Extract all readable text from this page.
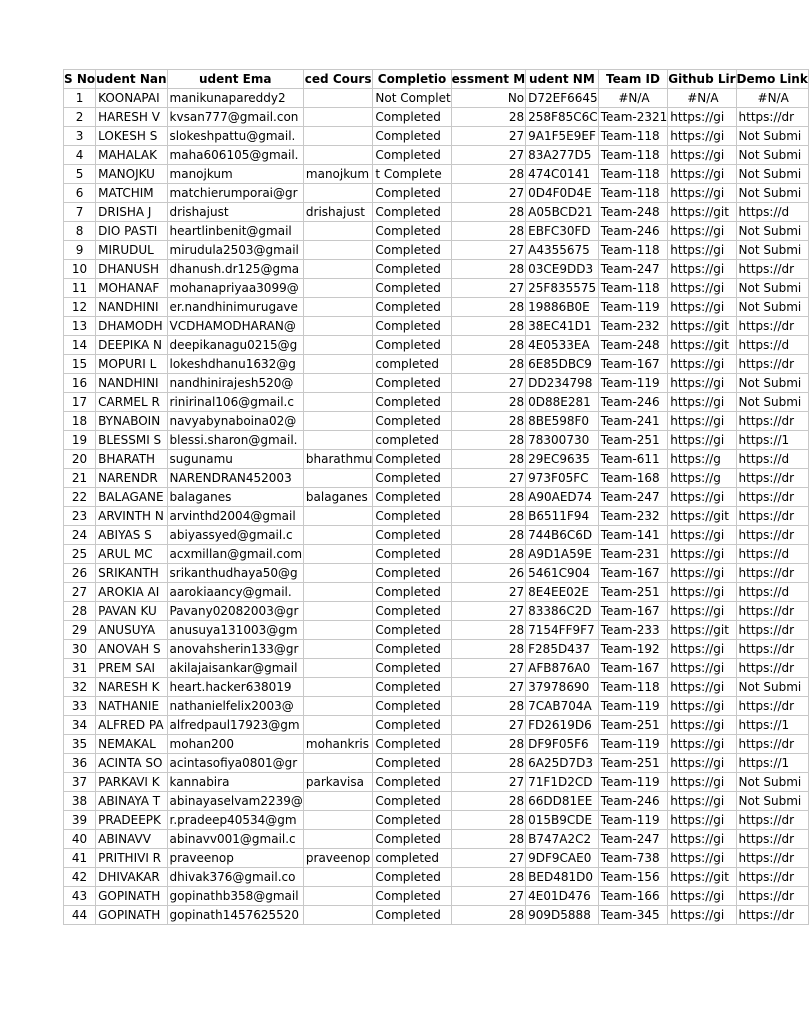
S No	udent Nan	udent Ema	ced Cours	Completio	essment M	udent NM	Team ID	Github Lir	Demo Link
1	KOONAPAI	manikunapareddy2		Not Complet	No	D72EF6645	#N/A	#N/A	#N/A
2	HARESH V	kvsan777@gmail.con		Completed	28	258F85C6C	Team-2321	https://gi	https://dr
3	LOKESH S	slokeshpattu@gmail.		Completed	27	9A1F5E9EF	Team-118	https://gi	Not Submi
4	MAHALAK	maha606105@gmail.		Completed	27	83A277D5	Team-118	https://gi	Not Submi
5	MANOJKU	manojkum	manojkum	t Complete	28	474C0141	Team-118	https://gi	Not Submi
6	MATCHIM	matchierumporai@gr		Completed	27	0D4F0D4E	Team-118	https://gi	Not Submi
7	DRISHA J	drishajust	drishajust	Completed	28	A05BCD21	Team-248	https://git	https://d
8	DIO PASTI	heartlinbenit@gmail		Completed	28	EBFC30FD	Team-246	https://gi	Not Submi
9	MIRUDUL	mirudula2503@gmail		Completed	27	A4355675	Team-118	https://gi	Not Submi
10	DHANUSH	dhanush.dr125@gma		Completed	28	03CE9DD3	Team-247	https://gi	https://dr
11	MOHANAF	mohanapriyaa3099@		Completed	27	25F835575	Team-118	https://gi	Not Submi
12	NANDHINI	er.nandhinimurugave		Completed	28	19886B0E	Team-119	https://gi	Not Submi
13	DHAMODH	VCDHAMODHARAN@		Completed	28	38EC41D1	Team-232	https://git	https://dr
14	DEEPIKA N	deepikanagu0215@g		Completed	28	4E0533EA	Team-248	https://git	https://d
15	MOPURI L	lokeshdhanu1632@g		completed	28	6E85DBC9	Team-167	https://gi	https://dr
16	NANDHINI	nandhinirajesh520@		Completed	27	DD234798	Team-119	https://gi	Not Submi
17	CARMEL R	rinirinal106@gmail.c		Completed	28	0D88E281	Team-246	https://gi	Not Submi
18	BYNABOIN	navyabynaboina02@		Completed	28	8BE598F0	Team-241	https://gi	https://dr
19	BLESSMI S	blessi.sharon@gmail.		completed	28	78300730	Team-251	https://gi	https://1
20	BHARATH	sugunamu	bharathmu	Completed	28	29EC9635	Team-611	https://g	https://d
21	NARENDR	NARENDRAN452003		Completed	27	973F05FC	Team-168	https://g	https://dr
22	BALAGANE	balaganes	balaganes	Completed	28	A90AED74	Team-247	https://gi	https://dr
23	ARVINTH N	arvinthd2004@gmail		Completed	28	B6511F94	Team-232	https://git	https://dr
24	ABIYAS S	abiyassyed@gmail.c		Completed	28	744B6C6D	Team-141	https://gi	https://dr
25	ARUL MC	acxmillan@gmail.com		Completed	28	A9D1A59E	Team-231	https://gi	https://d
26	SRIKANTH	srikanthudhaya50@g		Completed	26	5461C904	Team-167	https://gi	https://dr
27	AROKIA AI	aarokiaancy@gmail.		Completed	27	8E4EE02E	Team-251	https://gi	https://d
28	PAVAN KU	Pavany02082003@gr		Completed	27	83386C2D	Team-167	https://gi	https://dr
29	ANUSUYA	anusuya131003@gm		Completed	28	7154FF9F7	Team-233	https://git	https://dr
30	ANOVAH S	anovahsherin133@gr		Completed	28	F285D437	Team-192	https://gi	https://dr
31	PREM SAI	akilajaisankar@gmail		Completed	27	AFB876A0	Team-167	https://gi	https://dr
32	NARESH K	heart.hacker638019		Completed	27	37978690	Team-118	https://gi	Not Submi
33	NATHANIE	nathanielfelix2003@		Completed	28	7CAB704A	Team-119	https://gi	https://dr
34	ALFRED PA	alfredpaul17923@gm		Completed	27	FD2619D6	Team-251	https://gi	https://1
35	NEMAKAL	mohan200	mohankris	Completed	28	DF9F05F6	Team-119	https://gi	https://dr
36	ACINTA SO	acintasofiya0801@gr		Completed	28	6A25D7D3	Team-251	https://gi	https://1
37	PARKAVI K	kannabira	parkavisa	Completed	27	71F1D2CD	Team-119	https://gi	Not Submi
38	ABINAYA T	abinayaselvam2239@		Completed	28	66DD81EE	Team-246	https://gi	Not Submi
39	PRADEEPK	r.pradeep40534@gm		Completed	28	015B9CDE	Team-119	https://gi	https://dr
40	ABINAVV	abinavv001@gmail.c		Completed	28	B747A2C2	Team-247	https://gi	https://dr
41	PRITHIVI R	praveenop	praveenop	completed	27	9DF9CAE0	Team-738	https://gi	https://dr
42	DHIVAKAR	dhivak376@gmail.co		Completed	28	BED481D0	Team-156	https://git	https://dr
43	GOPINATH	gopinathb358@gmail		Completed	27	4E01D476	Team-166	https://gi	https://dr
44	GOPINATH	gopinath1457625520		Completed	28	909D5888	Team-345	https://gi	https://dr
